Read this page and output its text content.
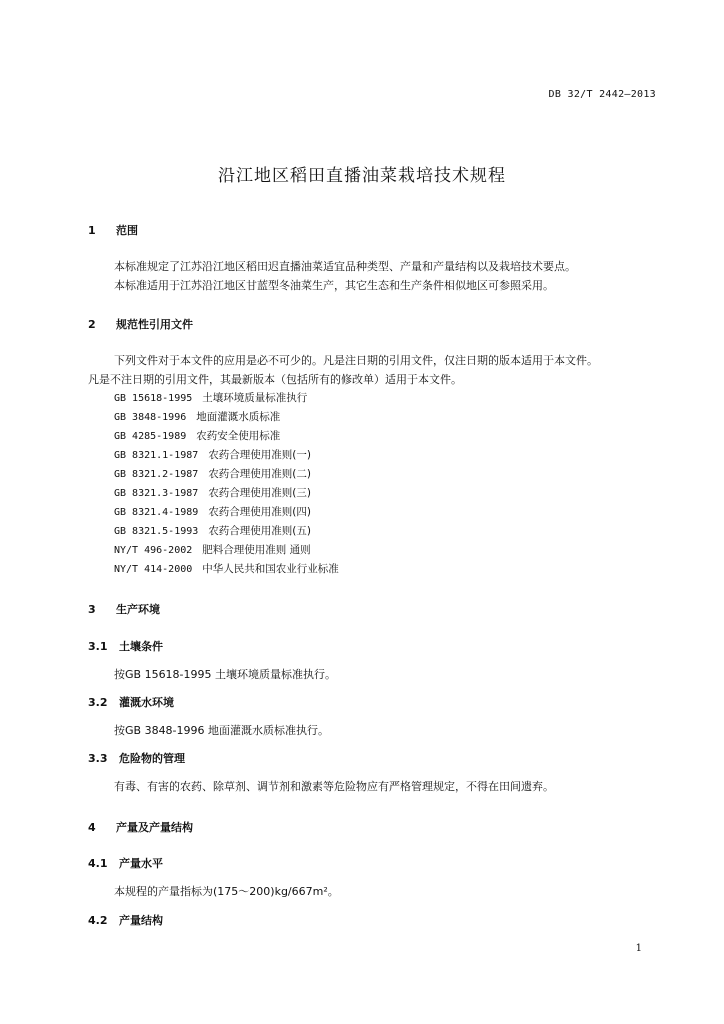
DB 32/T 2442—2013
沿江地区稻田直播油菜栽培技术规程
1 范围
本标准规定了江苏沿江地区稻田迟直播油菜适宜品种类型、产量和产量结构以及栽培技术要点。
本标准适用于江苏沿江地区甘蓝型冬油菜生产，其它生态和生产条件相似地区可参照采用。
2 规范性引用文件
下列文件对于本文件的应用是必不可少的。凡是注日期的引用文件，仅注日期的版本适用于本文件。
凡是不注日期的引用文件，其最新版本（包括所有的修改单）适用于本文件。
GB 15618-1995 土壤环境质量标准执行
GB 3848-1996 地面灌溉水质标准
GB 4285-1989 农药安全使用标准
GB 8321.1-1987 农药合理使用准则(一)
GB 8321.2-1987 农药合理使用准则(二)
GB 8321.3-1987 农药合理使用准则(三)
GB 8321.4-1989 农药合理使用准则(四)
GB 8321.5-1993 农药合理使用准则(五)
NY/T 496-2002 肥料合理使用准则 通则
NY/T 414-2000 中华人民共和国农业行业标准
3 生产环境
3.1 土壤条件
按GB 15618-1995 土壤环境质量标准执行。
3.2 灌溉水环境
按GB 3848-1996 地面灌溉水质标准执行。
3.3 危险物的管理
有毒、有害的农药、除草剂、调节剂和激素等危险物应有严格管理规定，不得在田间遗弃。
4 产量及产量结构
4.1 产量水平
本规程的产量指标为(175～200)kg/667m²。
4.2 产量结构
1
